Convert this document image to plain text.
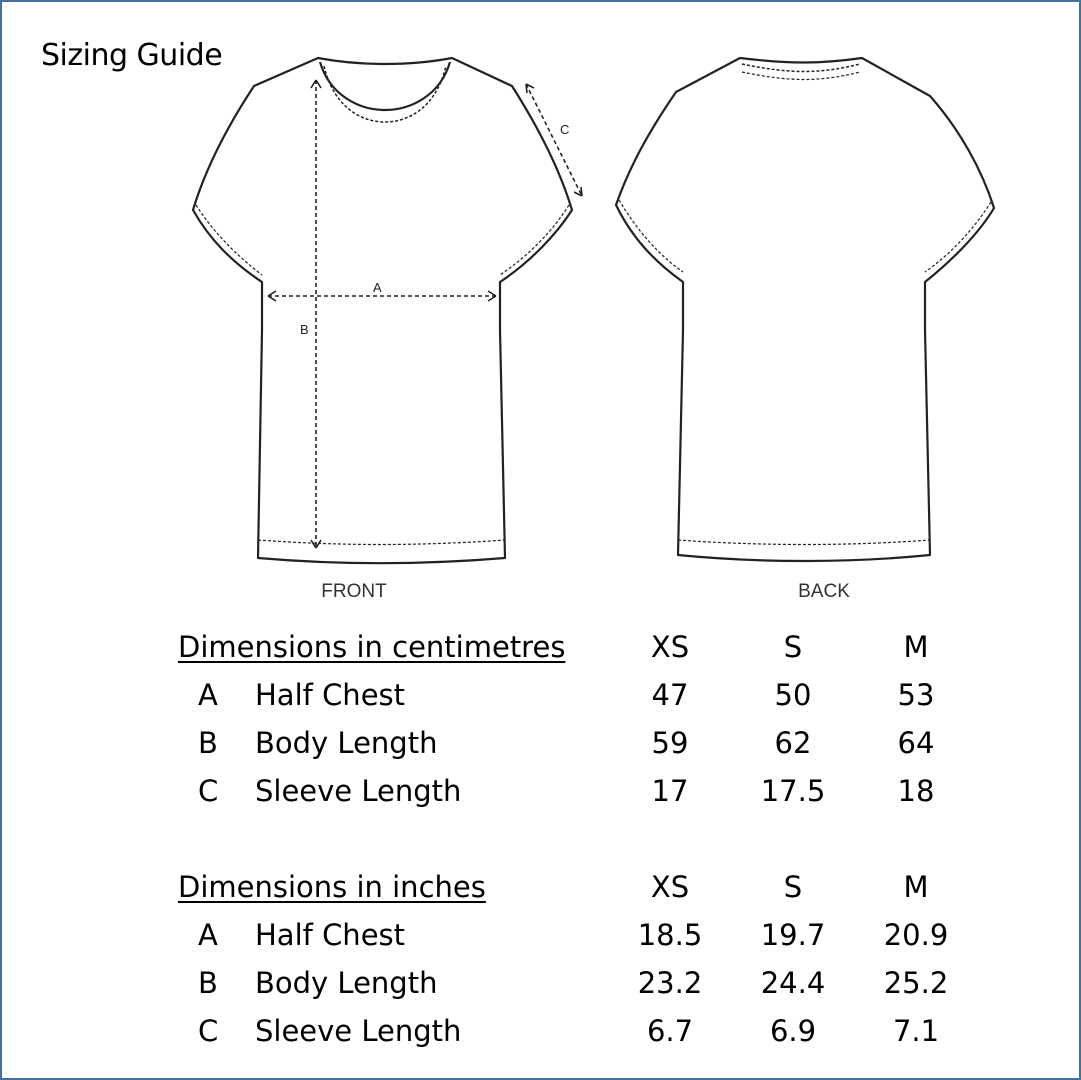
Sizing Guide
A
B
C
FRONT	BACK
Dimensions in centimetres	XS	S	M
A Half Chest	47	50	53
B Body Length	59	62	64
C Sleeve Length	17	17.5	18
Dimensions in inches	XS	S	M
A Half Chest	18.5	19.7	20.9
B Body Length	23.2	24.4	25.2
C Sleeve Length	6.7	6.9	7.1
